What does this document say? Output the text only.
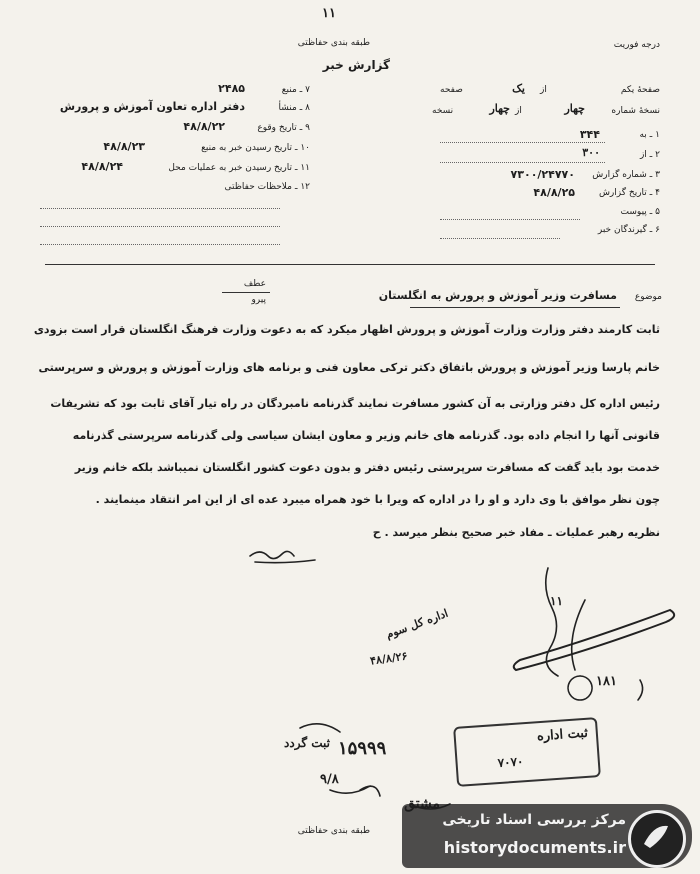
۱۱
طبقه بندی حفاظتی
گزارش خبر
درجه فوریت
صفحهٔ یکم
از
یک
صفحه
نسخهٔ شماره
چهار
از
چهار
نسخه
۱ ـ به
۳۴۴
۲ ـ از
۳۰۰
۳ ـ شماره گزارش
۷۳۰۰/۲۴۷۷۰
۴ ـ تاریخ گزارش
۴۸/۸/۲۵
۵ ـ پیوست
۶ ـ گیرندگان خبر
۷ ـ منبع
۲۴۸۵
۸ ـ منشأ
دفتر اداره تعاون آموزش و پرورش
۹ ـ تاریخ وقوع
۴۸/۸/۲۲
۱۰ ـ تاریخ رسیدن خبر به منبع
۴۸/۸/۲۳
۱۱ ـ تاریخ رسیدن خبر به عملیات محل
۴۸/۸/۲۴
۱۲ ـ ملاحظات حفاظتی
عطف
پیرو	موضوع
مسافرت وزیر آموزش و پرورش به انگلستان
ثابت کارمند دفتر وزارت وزارت آموزش و پرورش اظهار میکرد که به دعوت وزارت فرهنگ انگلستان قرار است بزودی
خانم پارسا وزیر آموزش و پرورش باتفاق دکتر ترکی معاون فنی و برنامه های وزارت آموزش و پرورش و سرپرستی
رئیس اداره کل دفتر وزارتی به آن کشور مسافرت نمایند گذرنامه نامبردگان در راه تیار آقای ثابت بود که تشریفات
قانونی آنها را انجام داده بود. گذرنامه های خانم وزیر و معاون ایشان سیاسی ولی گذرنامه سرپرستی گذرنامه
خدمت بود باید گفت که مسافرت سرپرستی رئیس دفتر و بدون دعوت کشور انگلستان نمیباشد بلکه خانم وزیر
چون نظر موافق با وی دارد و او را در اداره که ویرا با خود همراه میبرد عده ای از این امر انتقاد مینمایند .
نظریه رهبر عملیات ـ مفاد خبر صحیح بنظر میرسد . ح
اداره کل سوم
۴۸/۸/۲۶
۱۱
۱۸۱
۱۵۹۹۹
ثبت گردد
۹/۸
ثبت اداره
۷۰۷۰
طبقه بندی حفاظتی
مرکز بررسی اسناد تاریخی
historydocuments.ir
